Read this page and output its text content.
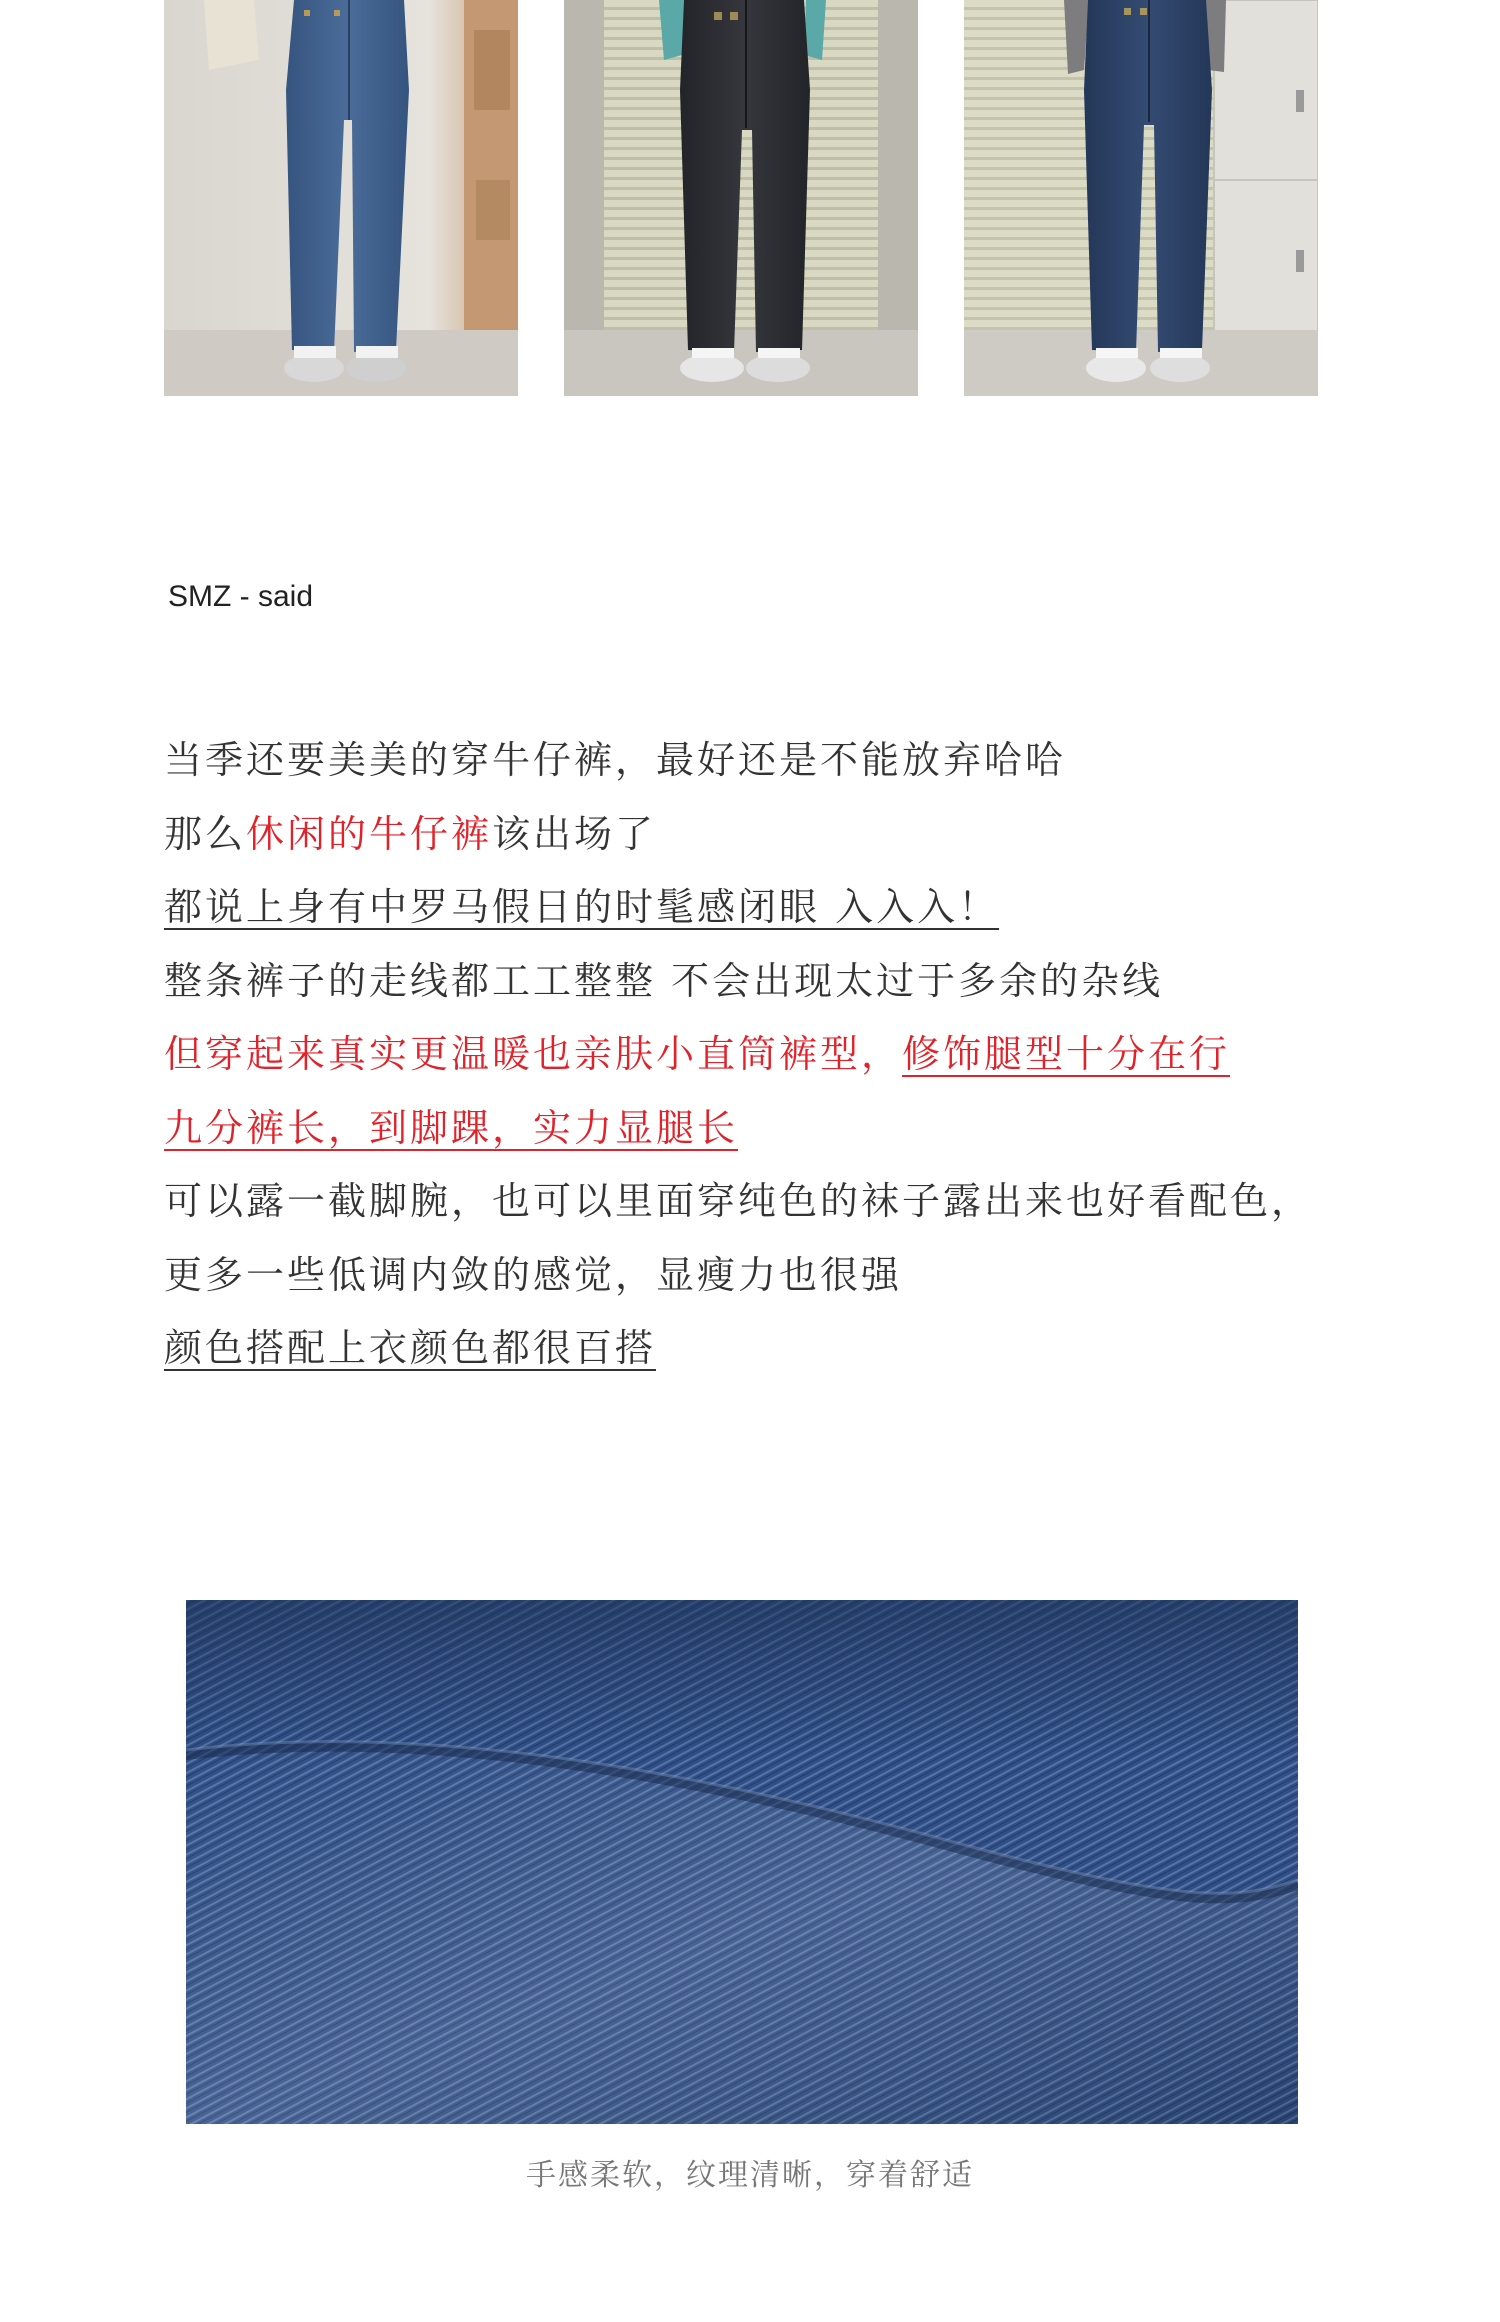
SMZ - said
当季还要美美的穿牛仔裤，最好还是不能放弃哈哈
那么休闲的牛仔裤该出场了
都说上身有中罗马假日的时髦感闭眼 入入入！
整条裤子的走线都工工整整 不会出现太过于多余的杂线
但穿起来真实更温暖也亲肤小直筒裤型，修饰腿型十分在行
九分裤长，到脚踝，实力显腿长
可以露一截脚腕，也可以里面穿纯色的袜子露出来也好看配色，
更多一些低调内敛的感觉，显瘦力也很强
颜色搭配上衣颜色都很百搭
手感柔软，纹理清晰，穿着舒适
